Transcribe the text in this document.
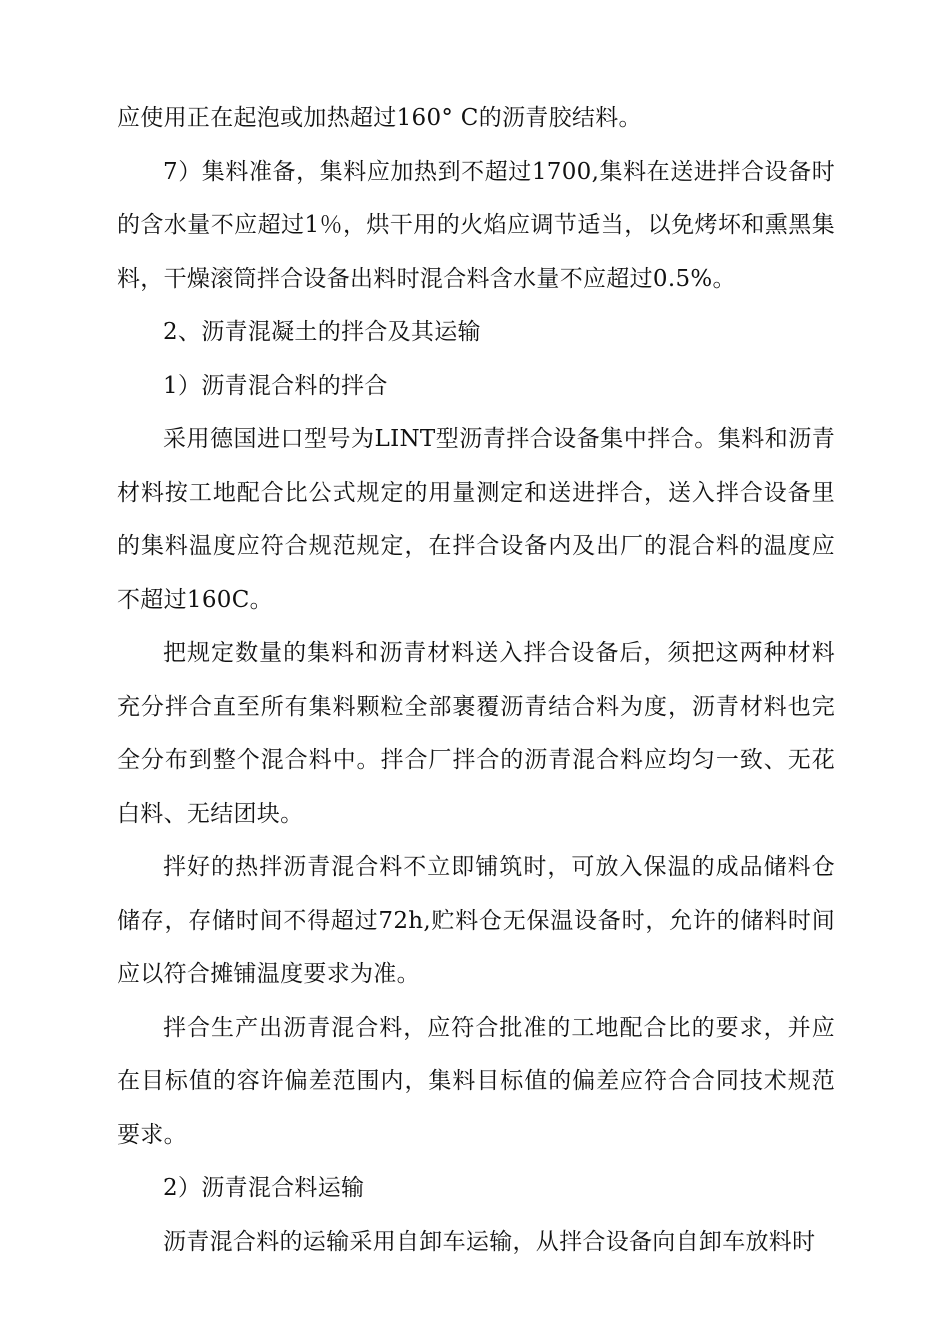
应使用正在起泡或加热超过160° C的沥青胶结料。

7）集料准备，集料应加热到不超过1700,集料在送进拌合设备时的含水量不应超过1％，烘干用的火焰应调节适当，以免烤坏和熏黑集料，干燥滚筒拌合设备出料时混合料含水量不应超过0.5%。

2、沥青混凝土的拌合及其运输

1）沥青混合料的拌合

采用德国进口型号为LINT型沥青拌合设备集中拌合。集料和沥青材料按工地配合比公式规定的用量测定和送进拌合，送入拌合设备里的集料温度应符合规范规定，在拌合设备内及出厂的混合料的温度应不超过160C。

把规定数量的集料和沥青材料送入拌合设备后，须把这两种材料充分拌合直至所有集料颗粒全部裹覆沥青结合料为度，沥青材料也完全分布到整个混合料中。拌合厂拌合的沥青混合料应均匀一致、无花白料、无结团块。

拌好的热拌沥青混合料不立即铺筑时，可放入保温的成品储料仓储存，存储时间不得超过72h,贮料仓无保温设备时，允许的储料时间应以符合摊铺温度要求为准。

拌合生产出沥青混合料，应符合批准的工地配合比的要求，并应在目标值的容许偏差范围内，集料目标值的偏差应符合合同技术规范要求。

2）沥青混合料运输

沥青混合料的运输采用自卸车运输，从拌合设备向自卸车放料时
